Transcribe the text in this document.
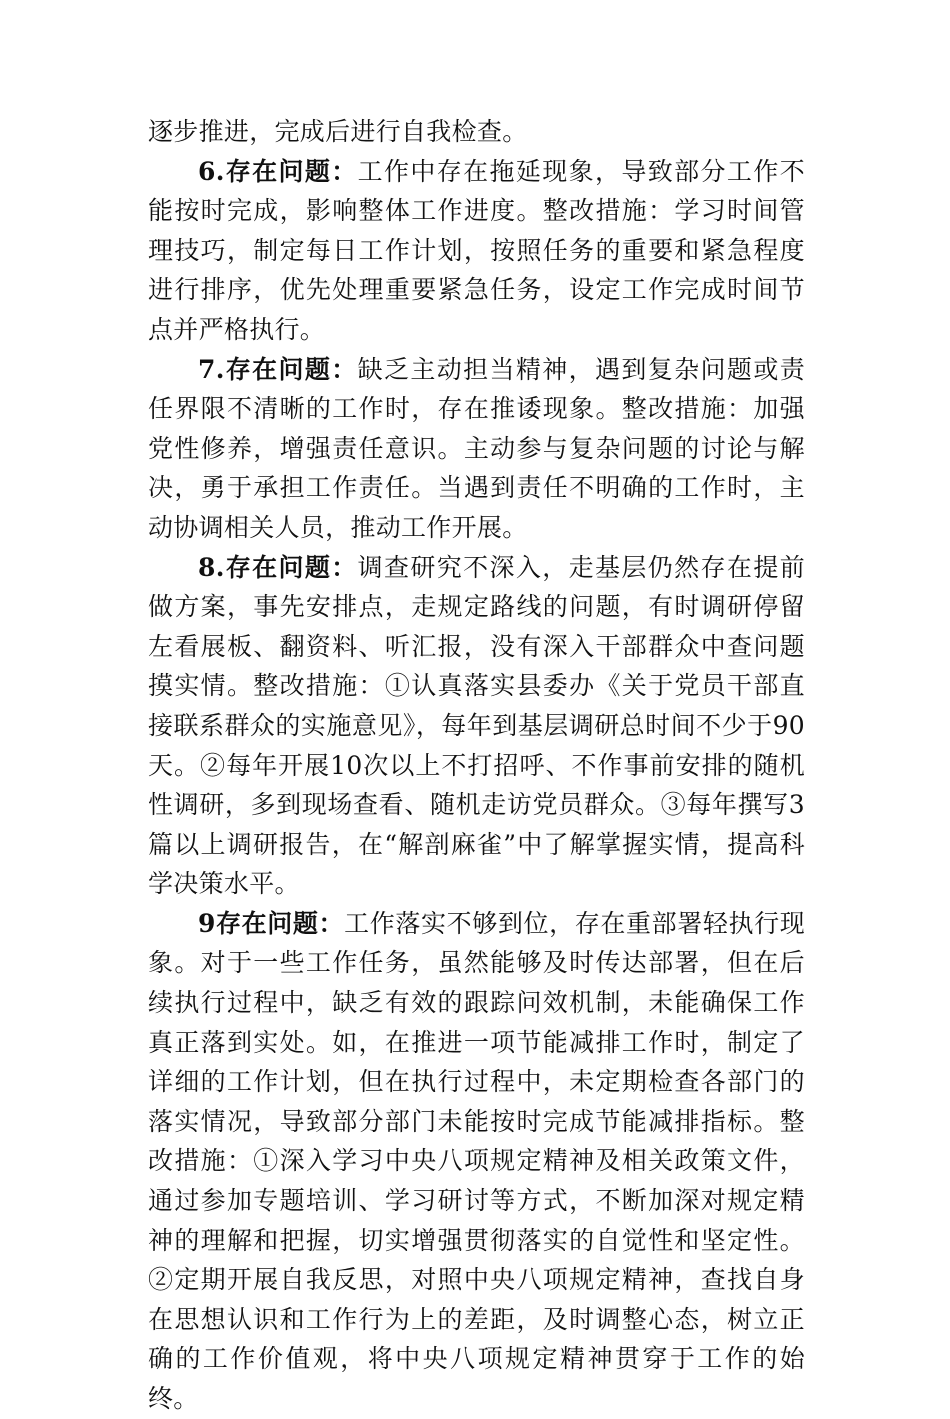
逐步推进，完成后进行自我检查。

6.存在问题：工作中存在拖延现象，导致部分工作不能按时完成，影响整体工作进度。整改措施：学习时间管理技巧，制定每日工作计划，按照任务的重要和紧急程度进行排序，优先处理重要紧急任务，设定工作完成时间节点并严格执行。

7.存在问题：缺乏主动担当精神，遇到复杂问题或责任界限不清晰的工作时，存在推诿现象。整改措施：加强党性修养，增强责任意识。主动参与复杂问题的讨论与解决，勇于承担工作责任。当遇到责任不明确的工作时，主动协调相关人员，推动工作开展。

8.存在问题：调查研究不深入，走基层仍然存在提前做方案，事先安排点，走规定路线的问题，有时调研停留左看展板、翻资料、听汇报，没有深入干部群众中查问题摸实情。整改措施：①认真落实县委办《关于党员干部直接联系群众的实施意见》，每年到基层调研总时间不少于90天。②每年开展10次以上不打招呼、不作事前安排的随机性调研，多到现场查看、随机走访党员群众。③每年撰写3篇以上调研报告，在“解剖麻雀”中了解掌握实情，提高科学决策水平。

9存在问题：工作落实不够到位，存在重部署轻执行现象。对于一些工作任务，虽然能够及时传达部署，但在后续执行过程中，缺乏有效的跟踪问效机制，未能确保工作真正落到实处。如，在推进一项节能减排工作时，制定了详细的工作计划，但在执行过程中，未定期检查各部门的落实情况，导致部分部门未能按时完成节能减排指标。整改措施：①深入学习中央八项规定精神及相关政策文件，通过参加专题培训、学习研讨等方式，不断加深对规定精神的理解和把握，切实增强贯彻落实的自觉性和坚定性。②定期开展自我反思，对照中央八项规定精神，查找自身在思想认识和工作行为上的差距，及时调整心态，树立正确的工作价值观，将中央八项规定精神贯穿于工作的始终。
